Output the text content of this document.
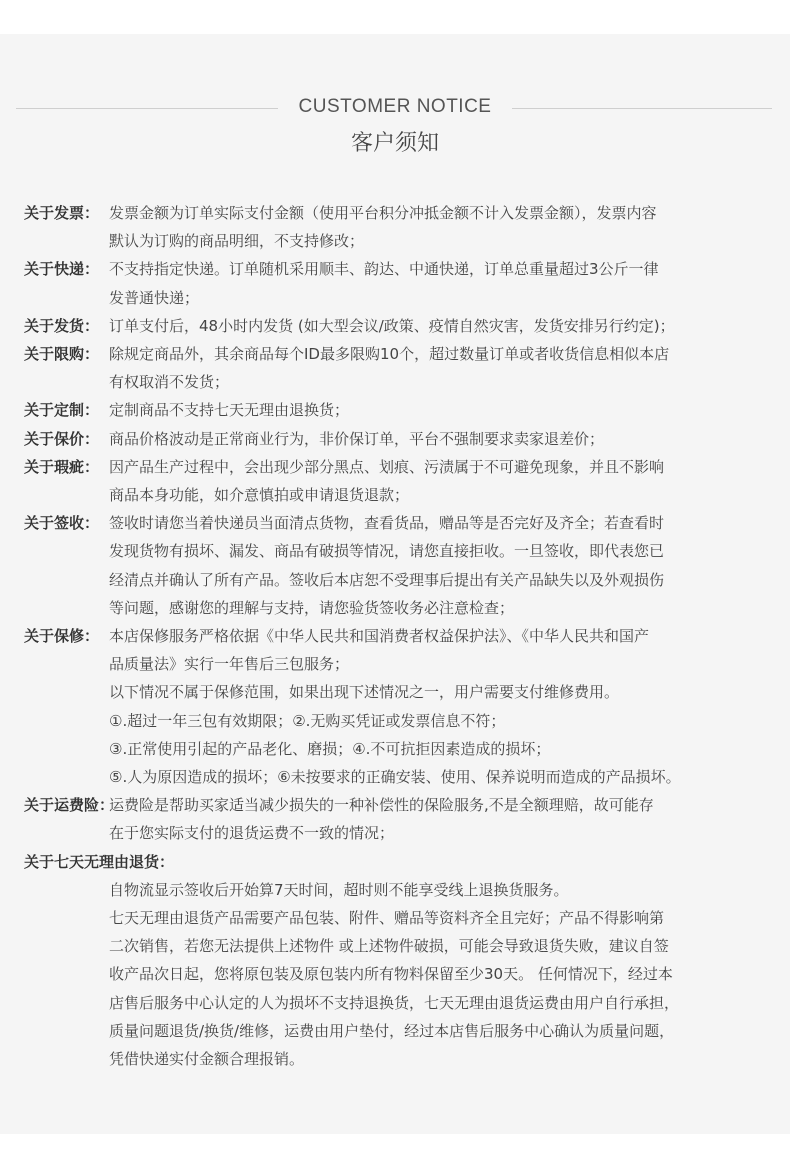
CUSTOMER NOTICE
客户须知
关于发票： 发票金额为订单实际支付金额（使用平台积分冲抵金额不计入发票金额），发票内容
默认为订购的商品明细，不支持修改；
关于快递： 不支持指定快递。订单随机采用顺丰、韵达、中通快递，订单总重量超过3公斤一律
发普通快递；
关于发货： 订单支付后，48小时内发货 (如大型会议/政策、疫情自然灾害，发货安排另行约定)；
关于限购： 除规定商品外，其余商品每个ID最多限购10个，超过数量订单或者收货信息相似本店
有权取消不发货；
关于定制： 定制商品不支持七天无理由退换货；
关于保价： 商品价格波动是正常商业行为，非价保订单，平台不强制要求卖家退差价；
关于瑕疵： 因产品生产过程中，会出现少部分黑点、划痕、污渍属于不可避免现象，并且不影响
商品本身功能，如介意慎拍或申请退货退款；
关于签收： 签收时请您当着快递员当面清点货物，查看货品，赠品等是否完好及齐全；若查看时
发现货物有损坏、漏发、商品有破损等情况，请您直接拒收。一旦签收，即代表您已
经清点并确认了所有产品。签收后本店恕不受理事后提出有关产品缺失以及外观损伤
等问题，感谢您的理解与支持，请您验货签收务必注意检查；
关于保修： 本店保修服务严格依据《中华人民共和国消费者权益保护法》、《中华人民共和国产
品质量法》实行一年售后三包服务；
以下情况不属于保修范围，如果出现下述情况之一，用户需要支付维修费用。
①.超过一年三包有效期限；②.无购买凭证或发票信息不符；
③.正常使用引起的产品老化、磨损；④.不可抗拒因素造成的损坏；
⑤.人为原因造成的损坏；⑥未按要求的正确安装、使用、保养说明而造成的产品损坏。
关于运费险：
运费险是帮助买家适当减少损失的一种补偿性的保险服务,不是全额理赔，故可能存
在于您实际支付的退货运费不一致的情况；
关于七天无理由退货：
自物流显示签收后开始算7天时间，超时则不能享受线上退换货服务。
七天无理由退货产品需要产品包装、附件、赠品等资料齐全且完好；产品不得影响第
二次销售，若您无法提供上述物件 或上述物件破损，可能会导致退货失败，建议自签
收产品次日起，您将原包装及原包装内所有物料保留至少30天。 任何情况下，经过本
店售后服务中心认定的人为损坏不支持退换货，七天无理由退货运费由用户自行承担，
质量问题退货/换货/维修，运费由用户垫付，经过本店售后服务中心确认为质量问题，
凭借快递实付金额合理报销。
